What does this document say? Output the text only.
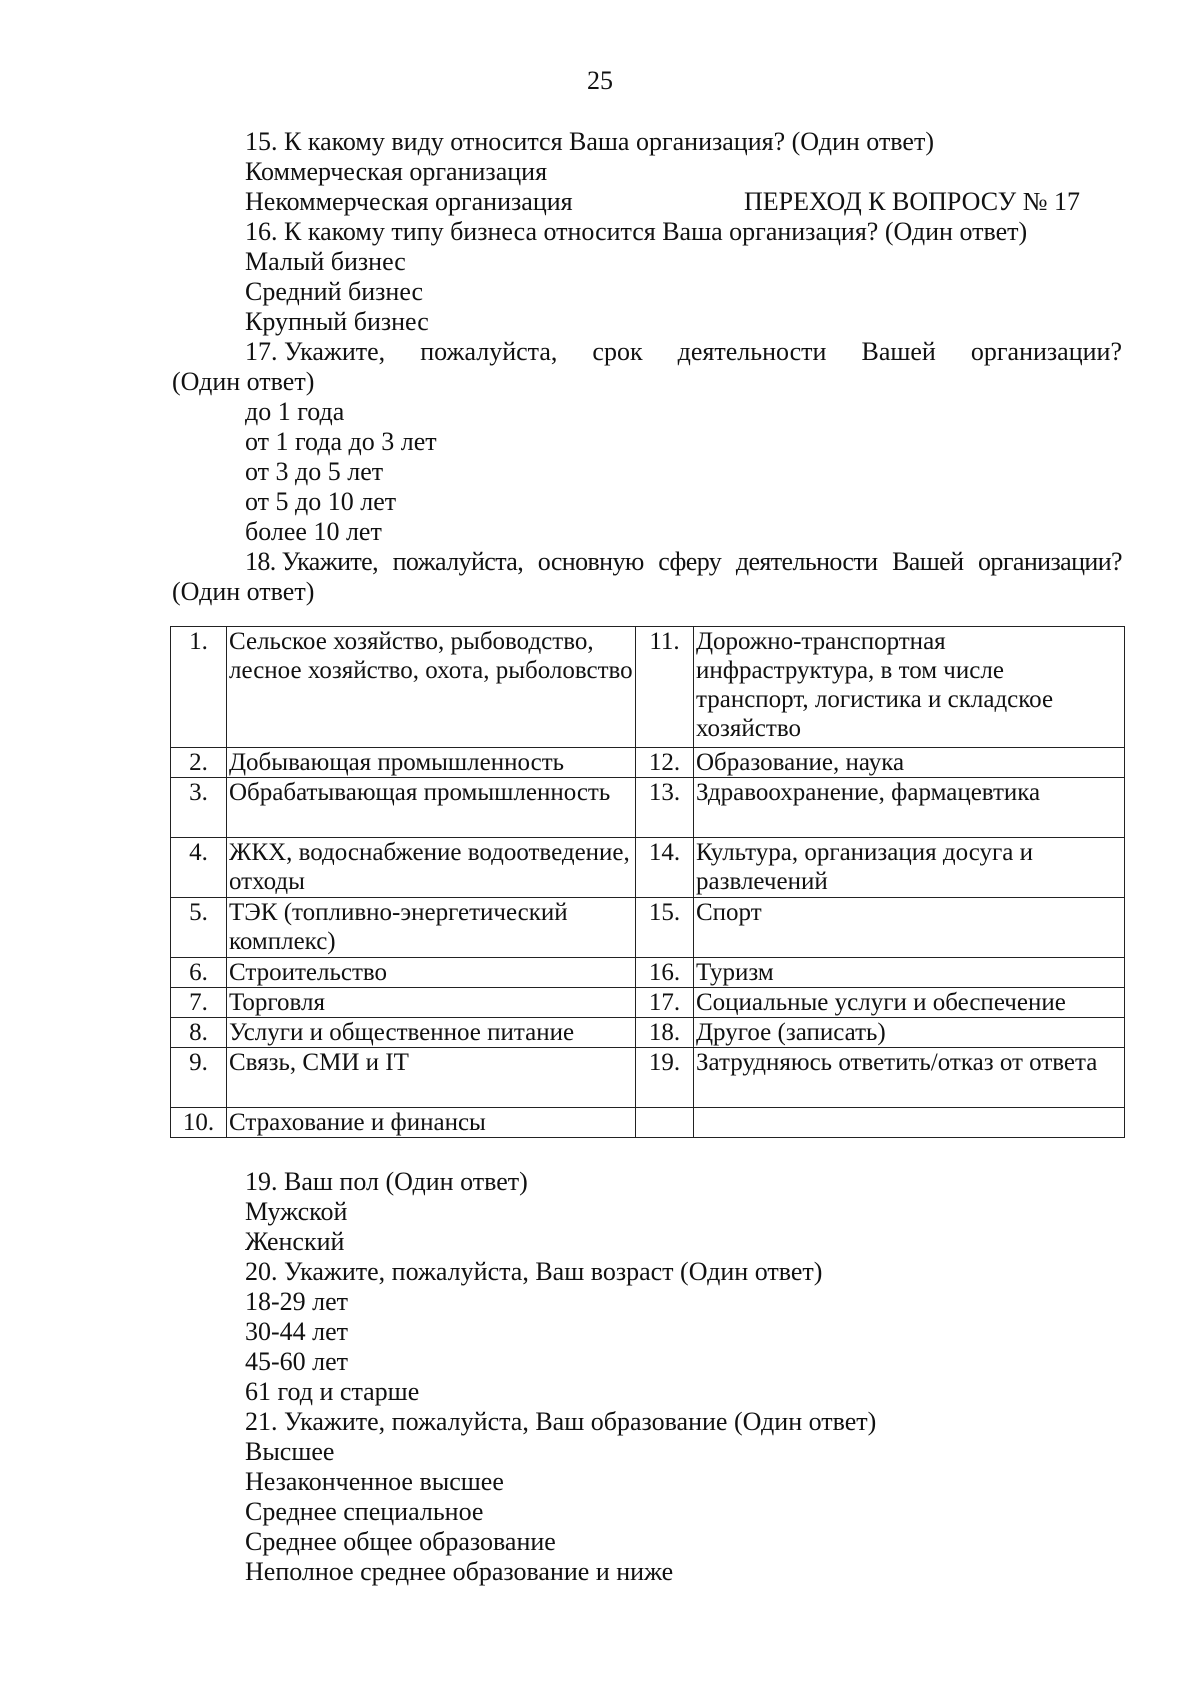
25
15. К какому виду относится Ваша организация? (Один ответ)
Коммерческая организация
Некоммерческая организация	ПЕРЕХОД К ВОПРОСУ № 17
16. К какому типу бизнеса относится Ваша организация? (Один ответ)
Малый бизнес
Средний бизнес
Крупный бизнес
17. Укажите, пожалуйста, срок деятельности Вашей организации?
(Один ответ)
до 1 года
от 1 года до 3 лет
от 3 до 5 лет
от 5 до 10 лет
более 10 лет
18. Укажите, пожалуйста, основную сферу деятельности Вашей организации?
(Один ответ)
1.	Сельское хозяйство, рыбоводство, лесное хозяйство, охота, рыболовство	11.	Дорожно-транспортная инфраструктура, в том числе транспорт, логистика и складское хозяйство
2.	Добывающая промышленность	12.	Образование, наука
3.	Обрабатывающая промышленность	13.	Здравоохранение, фармацевтика
4.	ЖКХ, водоснабжение водоотведение, отходы	14.	Культура, организация досуга и развлечений
5.	ТЭК (топливно-энергетический комплекс)	15.	Спорт
6.	Строительство	16.	Туризм
7.	Торговля	17.	Социальные услуги и обеспечение
8.	Услуги и общественное питание	18.	Другое (записать)
9.	Связь, СМИ и IT	19.	Затрудняюсь ответить/отказ от ответа
10.	Страхование и финансы		
19. Ваш пол (Один ответ)
Мужской
Женский
20. Укажите, пожалуйста, Ваш возраст (Один ответ)
18-29 лет
30-44 лет
45-60 лет
61 год и старше
21. Укажите, пожалуйста, Ваш образование (Один ответ)
Высшее
Незаконченное высшее
Среднее специальное
Среднее общее образование
Неполное среднее образование и ниже
